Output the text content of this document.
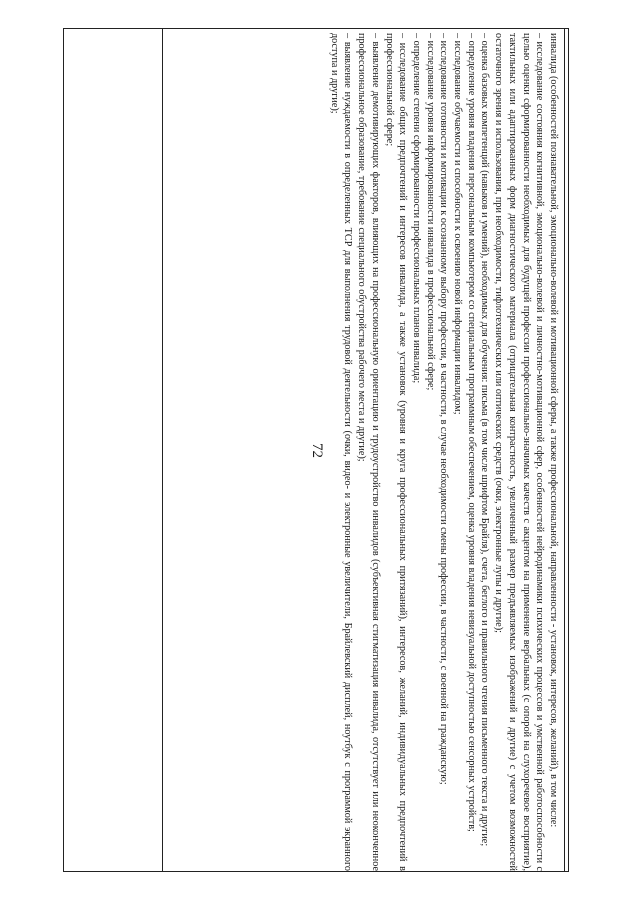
72	инвалида (особенностей познавательной, эмоционально-волевой и мотивационной сферы, а также профессиональной, направленности - установок, интересов, желаний), в том числе:

– исследование состояния когнитивной, эмоционально-волевой и личностно-мотивационной сфер, особенностей нейродинамики психических процессов и умственной работоспособности с целью оценки сформированности необходимых для будущей профессии профессионально-значимых качеств с акцентом на применение вербальных (с опорой на слухоречевое восприятие), тактильных или адаптированных форм диагностического материала (отрицательная контрастность, увеличенный размер предъявляемых изображений и другие) с учетом возможностей остаточного зрения и использования, при необходимости, тифлотехнических или оптических средств (очки, электронные лупы и другие);

– оценка базовых компетенций (навыков и умений), необходимых для обучения: письма (в том числе шрифтом Брайля), счета, беглого и правильного чтения письменного текста и другие;

– определение уровня владения персональным компьютером со специальным программным обеспечением, оценка уровня владения невизуальной доступностью сенсорных устройств;

– исследование обучаемости и способности к освоению новой информации инвалидом;

– исследование готовности и мотивации к осознанному выбору профессии, в частности, в случае необходимости смены профессии, в частности, с военной на гражданскую;

– исследование уровня информированности инвалида в профессиональной сфере;

– определение степени сформированности профессиональных планов инвалида;

– исследование общих предпочтений и интересов инвалида, а также установок (уровня и круга профессиональных притязаний), интересов, желаний, индивидуальных предпочтений в профессиональной сфере;

– выявление демотивирующих факторов, влияющих на профессиональную ориентацию и трудоустройство инвалидов (субъективная стигматизация инвалида, отсутствует или неоконченное профессиональное образование, требование специального обустройства рабочего места и другие);

– выявление нуждаемости в определенных ТСР для выполнения трудовой деятельности (очки, видео- и электронные увеличители, Брайлевский дисплей, ноутбук с программой экранного доступа и другие);
